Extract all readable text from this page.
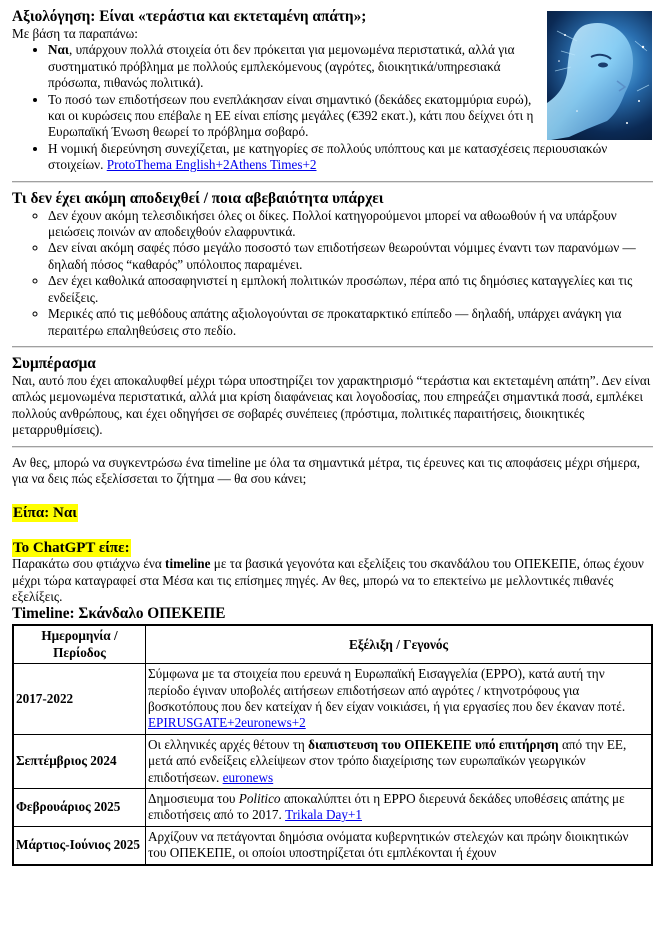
Αξιολόγηση: Είναι «τεράστια και εκτεταμένη απάτη»;

Με βάση τα παραπάνω:

• Ναι, υπάρχουν πολλά στοιχεία ότι δεν πρόκειται για μεμονωμένα περιστατικά, αλλά για συστηματικό πρόβλημα με πολλούς εμπλεκόμενους (αγρότες, διοικητικά/υπηρεσιακά πρόσωπα, πιθανώς πολιτικά).
• Το ποσό των επιδοτήσεων που ενεπλάκησαν είναι σημαντικό (δεκάδες εκατομμύρια ευρώ), και οι κυρώσεις που επέβαλε η ΕΕ είναι επίσης μεγάλες (€392 εκατ.), κάτι που δείχνει ότι η Ευρωπαϊκή Ένωση θεωρεί το πρόβλημα σοβαρό.
• Η νομική διερεύνηση συνεχίζεται, με κατηγορίες σε πολλούς υπόπτους και με κατασχέσεις περιουσιακών στοιχείων. ProtoThema English+2Athens Times+2
Τι δεν έχει ακόμη αποδειχθεί / ποια αβεβαιότητα υπάρχει
◦ Δεν έχουν ακόμη τελεσιδικήσει όλες οι δίκες. Πολλοί κατηγορούμενοι μπορεί να αθωωθούν ή να υπάρξουν μειώσεις ποινών αν αποδειχθούν ελαφρυντικά.
◦ Δεν είναι ακόμη σαφές πόσο μεγάλο ποσοστό των επιδοτήσεων θεωρούνται νόμιμες έναντι των παρανόμων — δηλαδή πόσος “καθαρός” υπόλοιπος παραμένει.
◦ Δεν έχει καθολικά αποσαφηνιστεί η εμπλοκή πολιτικών προσώπων, πέρα από τις δημόσιες καταγγελίες και τις ενδείξεις.
◦ Μερικές από τις μεθόδους απάτης αξιολογούνται σε προκαταρκτικό επίπεδο — δηλαδή, υπάρχει ανάγκη για περαιτέρω επαληθεύσεις στο πεδίο.
Συμπέρασμα

Ναι, αυτό που έχει αποκαλυφθεί μέχρι τώρα υποστηρίζει τον χαρακτηρισμό “τεράστια και εκτεταμένη απάτη”. Δεν είναι απλώς μεμονωμένα περιστατικά, αλλά μια κρίση διαφάνειας και λογοδοσίας, που επηρεάζει σημαντικά ποσά, εμπλέκει πολλούς ανθρώπους, και έχει οδηγήσει σε σοβαρές συνέπειες (πρόστιμα, πολιτικές παραιτήσεις, διοικητικές μεταρρυθμίσεις).

Αν θες, μπορώ να συγκεντρώσω ένα timeline με όλα τα σημαντικά μέτρα, τις έρευνες και τις αποφάσεις μέχρι σήμερα, για να δεις πώς εξελίσσεται το ζήτημα — θα σου κάνει;

Είπα: Ναι

Το ChatGPT είπε:

Παρακάτω σου φτιάχνω ένα timeline με τα βασικά γεγονότα και εξελίξεις του σκανδάλου του ΟΠΕΚΕΠΕ, όπως έχουν μέχρι τώρα καταγραφεί στα Μέσα και τις επίσημες πηγές. Αν θες, μπορώ να το επεκτείνω με μελλοντικές πιθανές εξελίξεις.

Timeline: Σκάνδαλο ΟΠΕΚΕΠΕ
Ημερομηνία / Περίοδος	Εξέλιξη / Γεγονός
2017-2022	Σύμφωνα με τα στοιχεία που ερευνά η Ευρωπαϊκή Εισαγγελία (EPPO), κατά αυτή την περίοδο έγιναν υποβολές αιτήσεων επιδοτήσεων από αγρότες / κτηνοτρόφους για βοσκοτόπους που δεν κατείχαν ή δεν είχαν νοικιάσει, ή για εργασίες που δεν έκαναν ποτέ. EPIRUSGATE+2euronews+2
Σεπτέμβριος 2024	Οι ελληνικές αρχές θέτουν τη διαπιστευση του ΟΠΕΚΕΠΕ υπό επιτήρηση από την ΕΕ, μετά από ενδείξεις ελλείψεων στον τρόπο διαχείρισης των ευρωπαϊκών γεωργικών επιδοτήσεων. euronews
Φεβρουάριος 2025	Δημοσιευμα του Politico αποκαλύπτει ότι η EPPO διερευνά δεκάδες υποθέσεις απάτης με επιδοτήσεις από το 2017. Trikala Day+1
Μάρτιος-Ιούνιος 2025	Αρχίζουν να πετάγονται δημόσια ονόματα κυβερνητικών στελεχών και πρώην διοικητικών του ΟΠΕΚΕΠΕ, οι οποίοι υποστηρίζεται ότι εμπλέκονται ή έχουν
